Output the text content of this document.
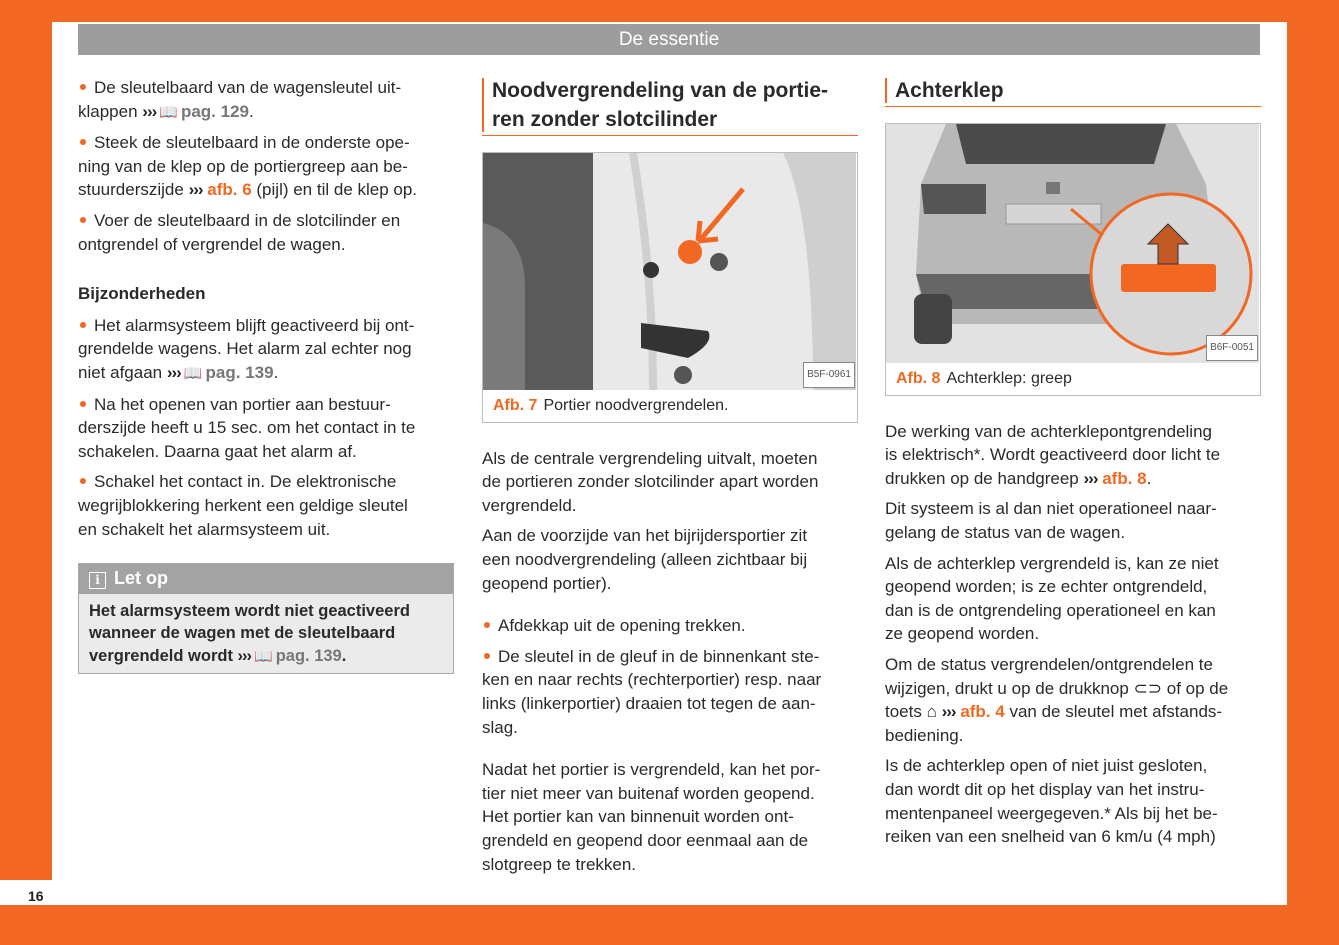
De essentie
16

De sleutelbaard van de wagensleutel uit-
klappen ››› 📖 pag. 129.

Steek de sleutelbaard in de onderste ope-
ning van de klep op de portiergreep aan be-
stuurderszijde ››› afb. 6 (pijl) en til de klep op.

Voer de sleutelbaard in de slotcilinder en
ontgrendel of vergrendel de wagen.

Bijzonderheden

Het alarmsysteem blijft geactiveerd bij ont-
grendelde wagens. Het alarm zal echter nog
niet afgaan ››› 📖 pag. 139.

Na het openen van portier aan bestuur-
derszijde heeft u 15 sec. om het contact in te
schakelen. Daarna gaat het alarm af.

Schakel het contact in. De elektronische
wegrijblokkering herkent een geldige sleutel
en schakelt het alarmsysteem uit.

i Let op
Het alarmsysteem wordt niet geactiveerd
wanneer de wagen met de sleutelbaard
vergrendeld wordt ››› 📖 pag. 139.
Noodvergrendeling van de portie-
ren zonder slotcilinder
B5F-0961
Afb. 7 Portier noodvergrendelen.

Als de centrale vergrendeling uitvalt, moeten
de portieren zonder slotcilinder apart worden
vergrendeld.

Aan de voorzijde van het bijrijdersportier zit
een noodvergrendeling (alleen zichtbaar bij
geopend portier).

Afdekkap uit de opening trekken.

De sleutel in de gleuf in de binnenkant ste-
ken en naar rechts (rechterportier) resp. naar
links (linkerportier) draaien tot tegen de aan-
slag.

Nadat het portier is vergrendeld, kan het por-
tier niet meer van buitenaf worden geopend.
Het portier kan van binnenuit worden ont-
grendeld en geopend door eenmaal aan de
slotgreep te trekken.

Achterklep
B6F-0051
Afb. 8 Achterklep: greep

De werking van de achterklepontgrendeling
is elektrisch*. Wordt geactiveerd door licht te
drukken op de handgreep ››› afb. 8.

Dit systeem is al dan niet operationeel naar-
gelang de status van de wagen.

Als de achterklep vergrendeld is, kan ze niet
geopend worden; is ze echter ontgrendeld,
dan is de ontgrendeling operationeel en kan
ze geopend worden.

Om de status vergrendelen/ontgrendelen te
wijzigen, drukt u op de drukknop ⊂⊃ of op de
toets ⌂ ››› afb. 4 van de sleutel met afstands-
bediening.

Is de achterklep open of niet juist gesloten,
dan wordt dit op het display van het instru-
mentenpaneel weergegeven.* Als bij het be-
reiken van een snelheid van 6 km/u (4 mph)
